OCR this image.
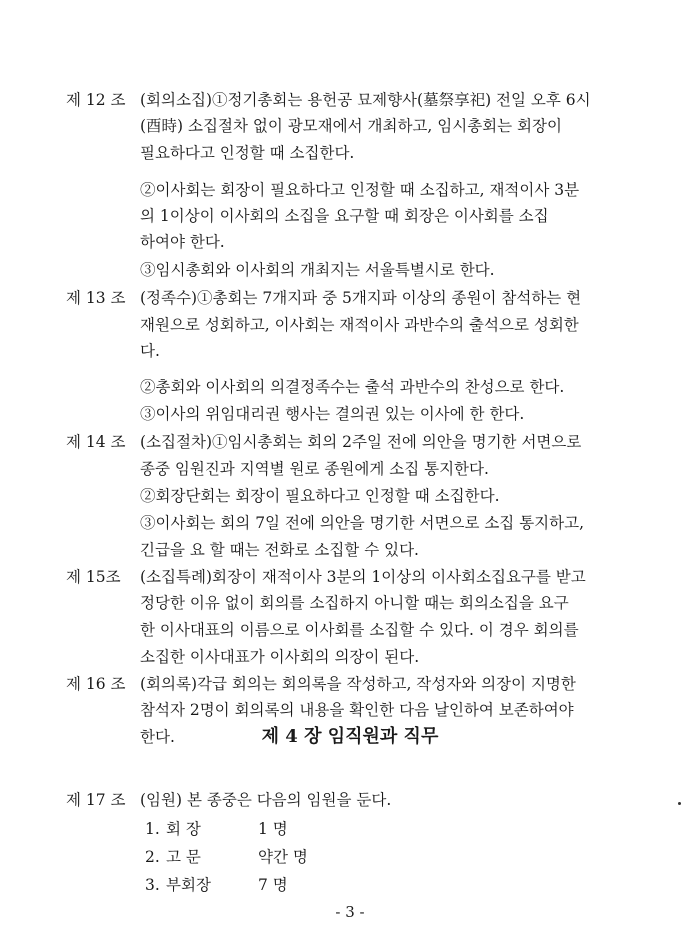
제 12 조 (회의소집)①정기총회는 용헌공 묘제향사(墓祭享祀) 전일 오후 6시
(酉時) 소집절차 없이 광모재에서 개최하고, 임시총회는 회장이
필요하다고 인정할 때 소집한다.
②이사회는 회장이 필요하다고 인정할 때 소집하고, 재적이사 3분
의 1이상이 이사회의 소집을 요구할 때 회장은 이사회를 소집
하여야 한다.
③임시총회와 이사회의 개최지는 서울특별시로 한다.
제 13 조 (정족수)①총회는 7개지파 중 5개지파 이상의 종원이 참석하는 현
재원으로 성회하고, 이사회는 재적이사 과반수의 출석으로 성회한
다.
②총회와 이사회의 의결정족수는 출석 과반수의 찬성으로 한다.
③이사의 위임대리권 행사는 결의권 있는 이사에 한 한다.
제 14 조 (소집절차)①임시총회는 회의 2주일 전에 의안을 명기한 서면으로
종중 임원진과 지역별 원로 종원에게 소집 통지한다.
②회장단회는 회장이 필요하다고 인정할 때 소집한다.
③이사회는 회의 7일 전에 의안을 명기한 서면으로 소집 통지하고,
긴급을 요 할 때는 전화로 소집할 수 있다.
제 15조 (소집특례)회장이 재적이사 3분의 1이상의 이사회소집요구를 받고
정당한 이유 없이 회의를 소집하지 아니할 때는 회의소집을 요구
한 이사대표의 이름으로 이사회를 소집할 수 있다. 이 경우 회의를
소집한 이사대표가 이사회의 의장이 된다.
제 16 조 (회의록)각급 회의는 회의록을 작성하고, 작성자와 의장이 지명한
참석자 2명이 회의록의 내용을 확인한 다음 날인하여 보존하여야
한다.	제 4 장 임직원과 직무
제 17 조 (임원) 본 종중은 다음의 임원을 둔다.
1. 회 장	1 명
2. 고 문	약간 명
3. 부회장	7 명
- 3 -
